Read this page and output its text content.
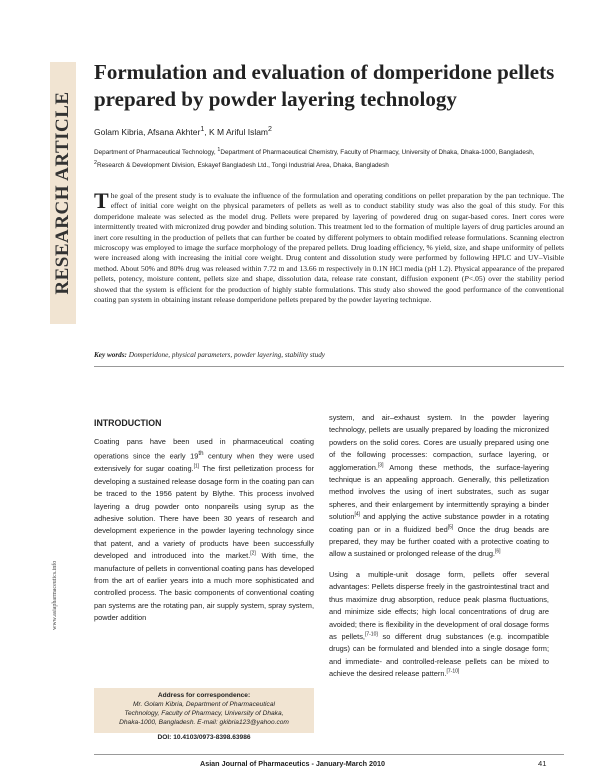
RESEARCH ARTICLE
www.asiapharmaceutics.info
Formulation and evaluation of domperidone pellets prepared by powder layering technology
Golam Kibria, Afsana Akhter$^1$, K M Ariful Islam$^2$
Department of Pharmaceutical Technology, $^1$Department of Pharmaceutical Chemistry, Faculty of Pharmacy, University of Dhaka, Dhaka-1000, Bangladesh, $^2$Research & Development Division, Eskayef Bangladesh Ltd., Tongi Industrial Area, Dhaka, Bangladesh

The goal of the present study is to evaluate the influence of the formulation and operating conditions on pellet preparation by the pan technique. The effect of initial core weight on the physical parameters of pellets as well as to conduct stability study was also the goal of this study. For this domperidone maleate was selected as the model drug. Pellets were prepared by layering of powdered drug on sugar-based cores. Inert cores were intermittently treated with micronized drug powder and binding solution. This treatment led to the formation of multiple layers of drug particles around an inert core resulting in the production of pellets that can further be coated by different polymers to obtain modified release formulations. Scanning electron microscopy was employed to image the surface morphology of the prepared pellets. Drug loading efficiency, % yield, size, and shape uniformity of pellets were increased along with increasing the initial core weight. Drug content and dissolution study were performed by following HPLC and UV–Visible method. About 50% and 80% drug was released within 7.72 m and 13.66 m respectively in 0.1N HCl media (pH 1.2). Physical appearance of the prepared pellets, potency, moisture content, pellets size and shape, dissolution data, release rate constant, diffusion exponent (P<.05) over the stability period showed that the system is efficient for the production of highly stable formulations. This study also showed the good performance of the conventional coating pan system in obtaining instant release domperidone pellets prepared by the powder layering technique.

Key words: Domperidone, physical parameters, powder layering, stability study
INTRODUCTION

Coating pans have been used in pharmaceutical coating operations since the early 19th century when they were used extensively for sugar coating.[1] The first pelletization process for developing a sustained release dosage form in the coating pan can be traced to the 1956 patent by Blythe. This process involved layering a drug powder onto nonpareils using syrup as the adhesive solution. There have been 30 years of research and development experience in the powder layering technology since that patent, and a variety of products have been successfully developed and introduced into the market.[2] With time, the manufacture of pellets in conventional coating pans has developed from the art of earlier years into a much more sophisticated and controlled process. The basic components of conventional coating pan systems are the rotating pan, air supply system, spray system, powder addition

system, and air–exhaust system. In the powder layering technology, pellets are usually prepared by loading the micronized powders on the solid cores. Cores are usually prepared using one of the following processes: compaction, surface layering, or agglomeration.[3] Among these methods, the surface-layering technique is an appealing approach. Generally, this pelletization method involves the using of inert substrates, such as sugar spheres, and their enlargement by intermittently spraying a binder solution[4] and applying the active substance powder in a rotating coating pan or in a fluidized bed[5] Once the drug beads are prepared, they may be further coated with a protective coating to allow a sustained or prolonged release of the drug.[6]

Using a multiple-unit dosage form, pellets offer several advantages: Pellets disperse freely in the gastrointestinal tract and thus maximize drug absorption, reduce peak plasma fluctuations, and minimize side effects; high local concentrations of drug are avoided; there is flexibility in the development of oral dosage forms as pellets,[7-10] so different drug substances (e.g. incompatible drugs) can be formulated and blended into a single dosage form; and immediate- and controlled-release pellets can be mixed to achieve the desired release pattern.[7-10]

Address for correspondence:
Mr. Golam Kibria, Department of Pharmaceutical
Technology, Faculty of Pharmacy, University of Dhaka,
Dhaka-1000, Bangladesh. E-mail: gkibria123@yahoo.com
DOI: 10.4103/0973-8398.63986
Asian Journal of Pharmaceutics - January-March 2010	41
